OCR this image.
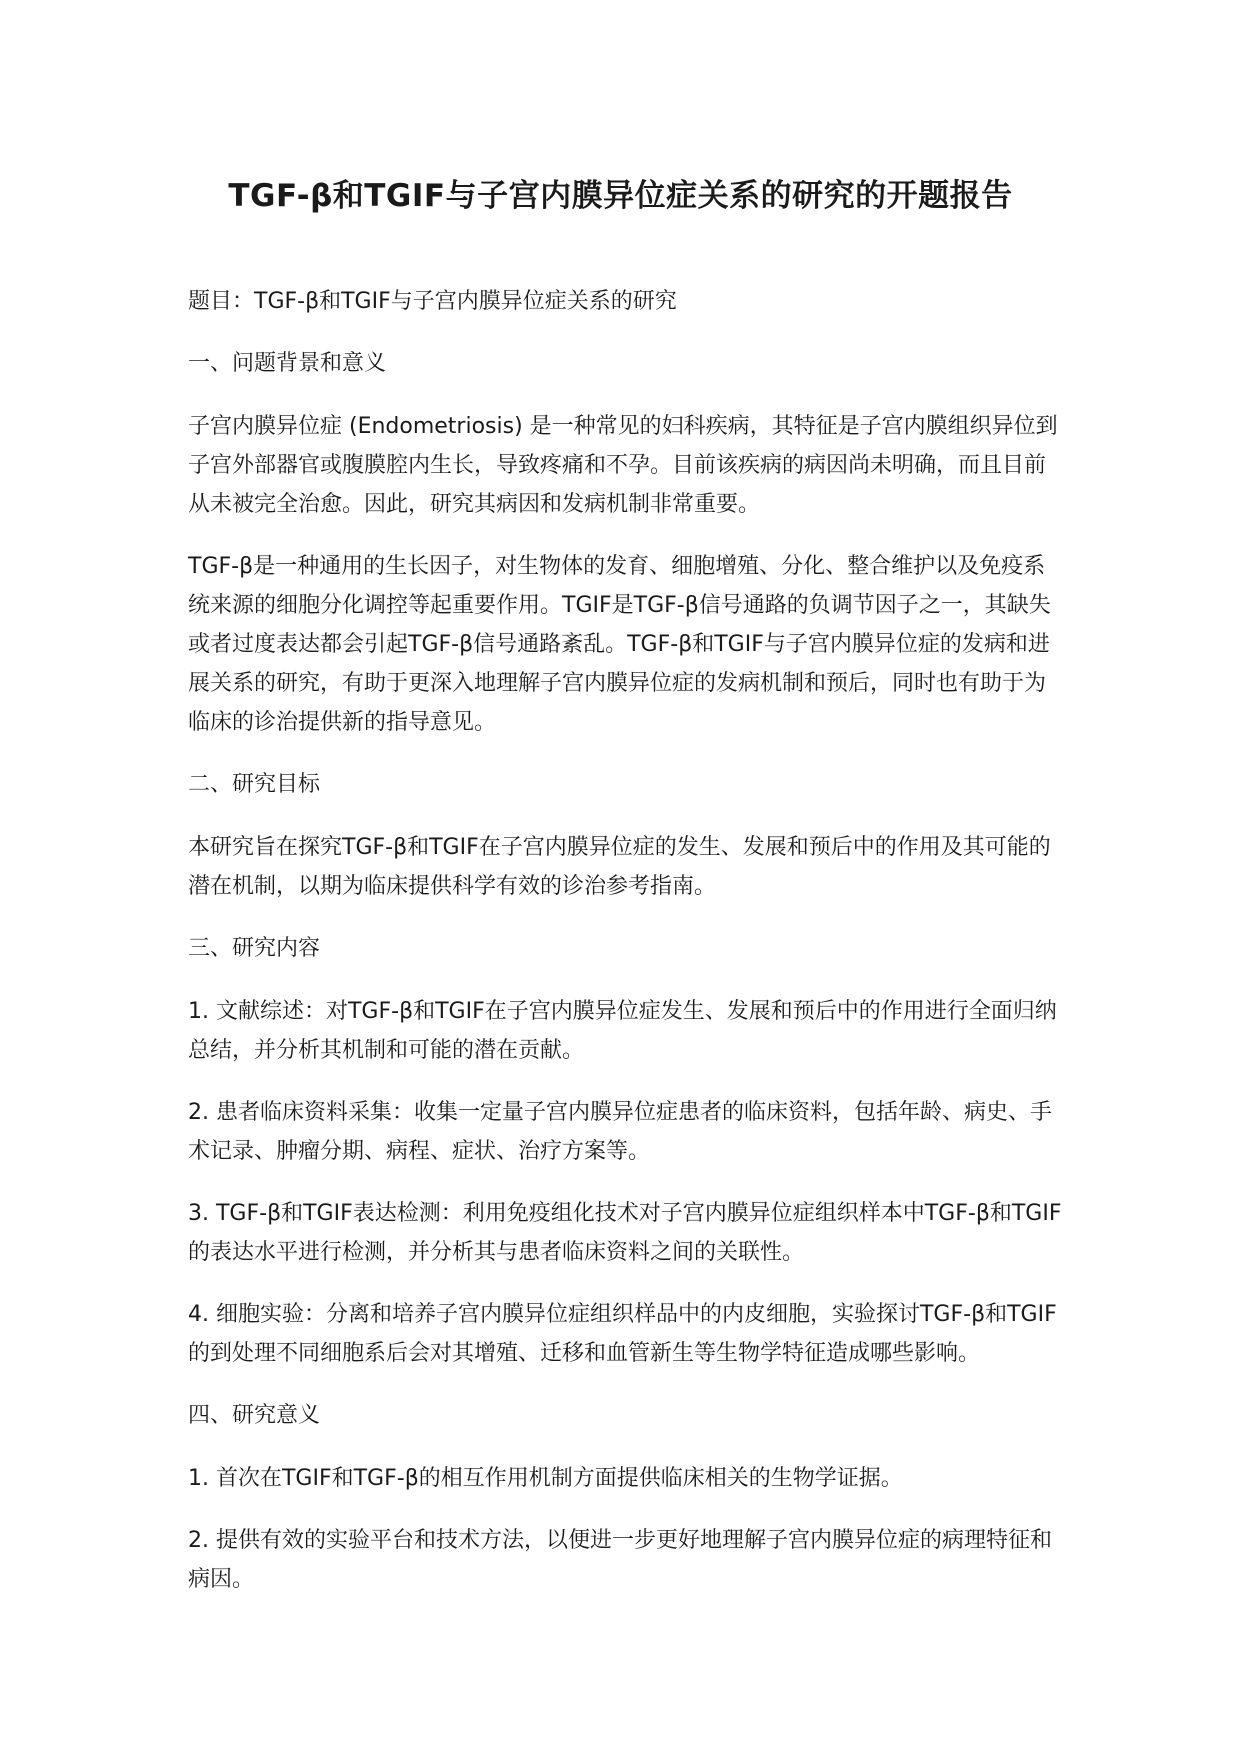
TGF-β和TGIF与子宫内膜异位症关系的研究的开题报告

题目：TGF-β和TGIF与子宫内膜异位症关系的研究

一、问题背景和意义

子宫内膜异位症 (Endometriosis) 是一种常见的妇科疾病，其特征是子宫内膜组织异位到子宫外部器官或腹膜腔内生长，导致疼痛和不孕。目前该疾病的病因尚未明确，而且目前从未被完全治愈。因此，研究其病因和发病机制非常重要。

TGF-β是一种通用的生长因子，对生物体的发育、细胞增殖、分化、整合维护以及免疫系统来源的细胞分化调控等起重要作用。TGIF是TGF-β信号通路的负调节因子之一，其缺失或者过度表达都会引起TGF-β信号通路紊乱。TGF-β和TGIF与子宫内膜异位症的发病和进展关系的研究，有助于更深入地理解子宫内膜异位症的发病机制和预后，同时也有助于为临床的诊治提供新的指导意见。

二、研究目标

本研究旨在探究TGF-β和TGIF在子宫内膜异位症的发生、发展和预后中的作用及其可能的潜在机制，以期为临床提供科学有效的诊治参考指南。

三、研究内容

1. 文献综述：对TGF-β和TGIF在子宫内膜异位症发生、发展和预后中的作用进行全面归纳总结，并分析其机制和可能的潜在贡献。

2. 患者临床资料采集：收集一定量子宫内膜异位症患者的临床资料，包括年龄、病史、手术记录、肿瘤分期、病程、症状、治疗方案等。

3. TGF-β和TGIF表达检测：利用免疫组化技术对子宫内膜异位症组织样本中TGF-β和TGIF的表达水平进行检测，并分析其与患者临床资料之间的关联性。

4. 细胞实验：分离和培养子宫内膜异位症组织样品中的内皮细胞，实验探讨TGF-β和TGIF的到处理不同细胞系后会对其增殖、迁移和血管新生等生物学特征造成哪些影响。

四、研究意义

1. 首次在TGIF和TGF-β的相互作用机制方面提供临床相关的生物学证据。

2. 提供有效的实验平台和技术方法，以便进一步更好地理解子宫内膜异位症的病理特征和病因。
